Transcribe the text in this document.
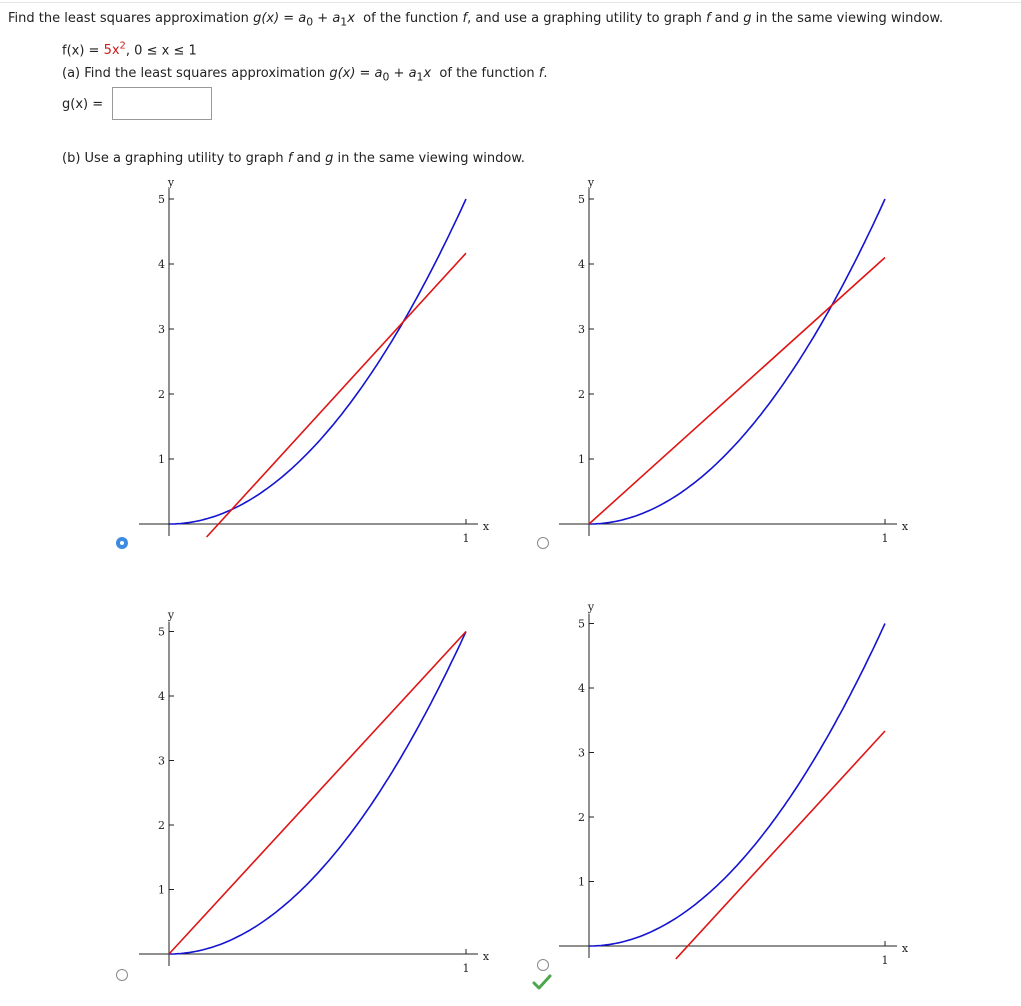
Find the least squares approximation $g(x) = a_0 + a_1x$ of the function f, and use a graphing utility to graph f and g in the same viewing window.
$f(x) = 5x^2$, 0 ≤ x ≤ 1
(a) Find the least squares approximation $g(x) = a_0 + a_1x$ of the function f.
g(x) =
(b) Use a graphing utility to graph f and g in the same viewing window.
y
x
1
2
3
4
5
1
y
x
1
2
3
4
5
1
y
x
1
2
3
4
5
1
y
x
1
2
3
4
5
1
